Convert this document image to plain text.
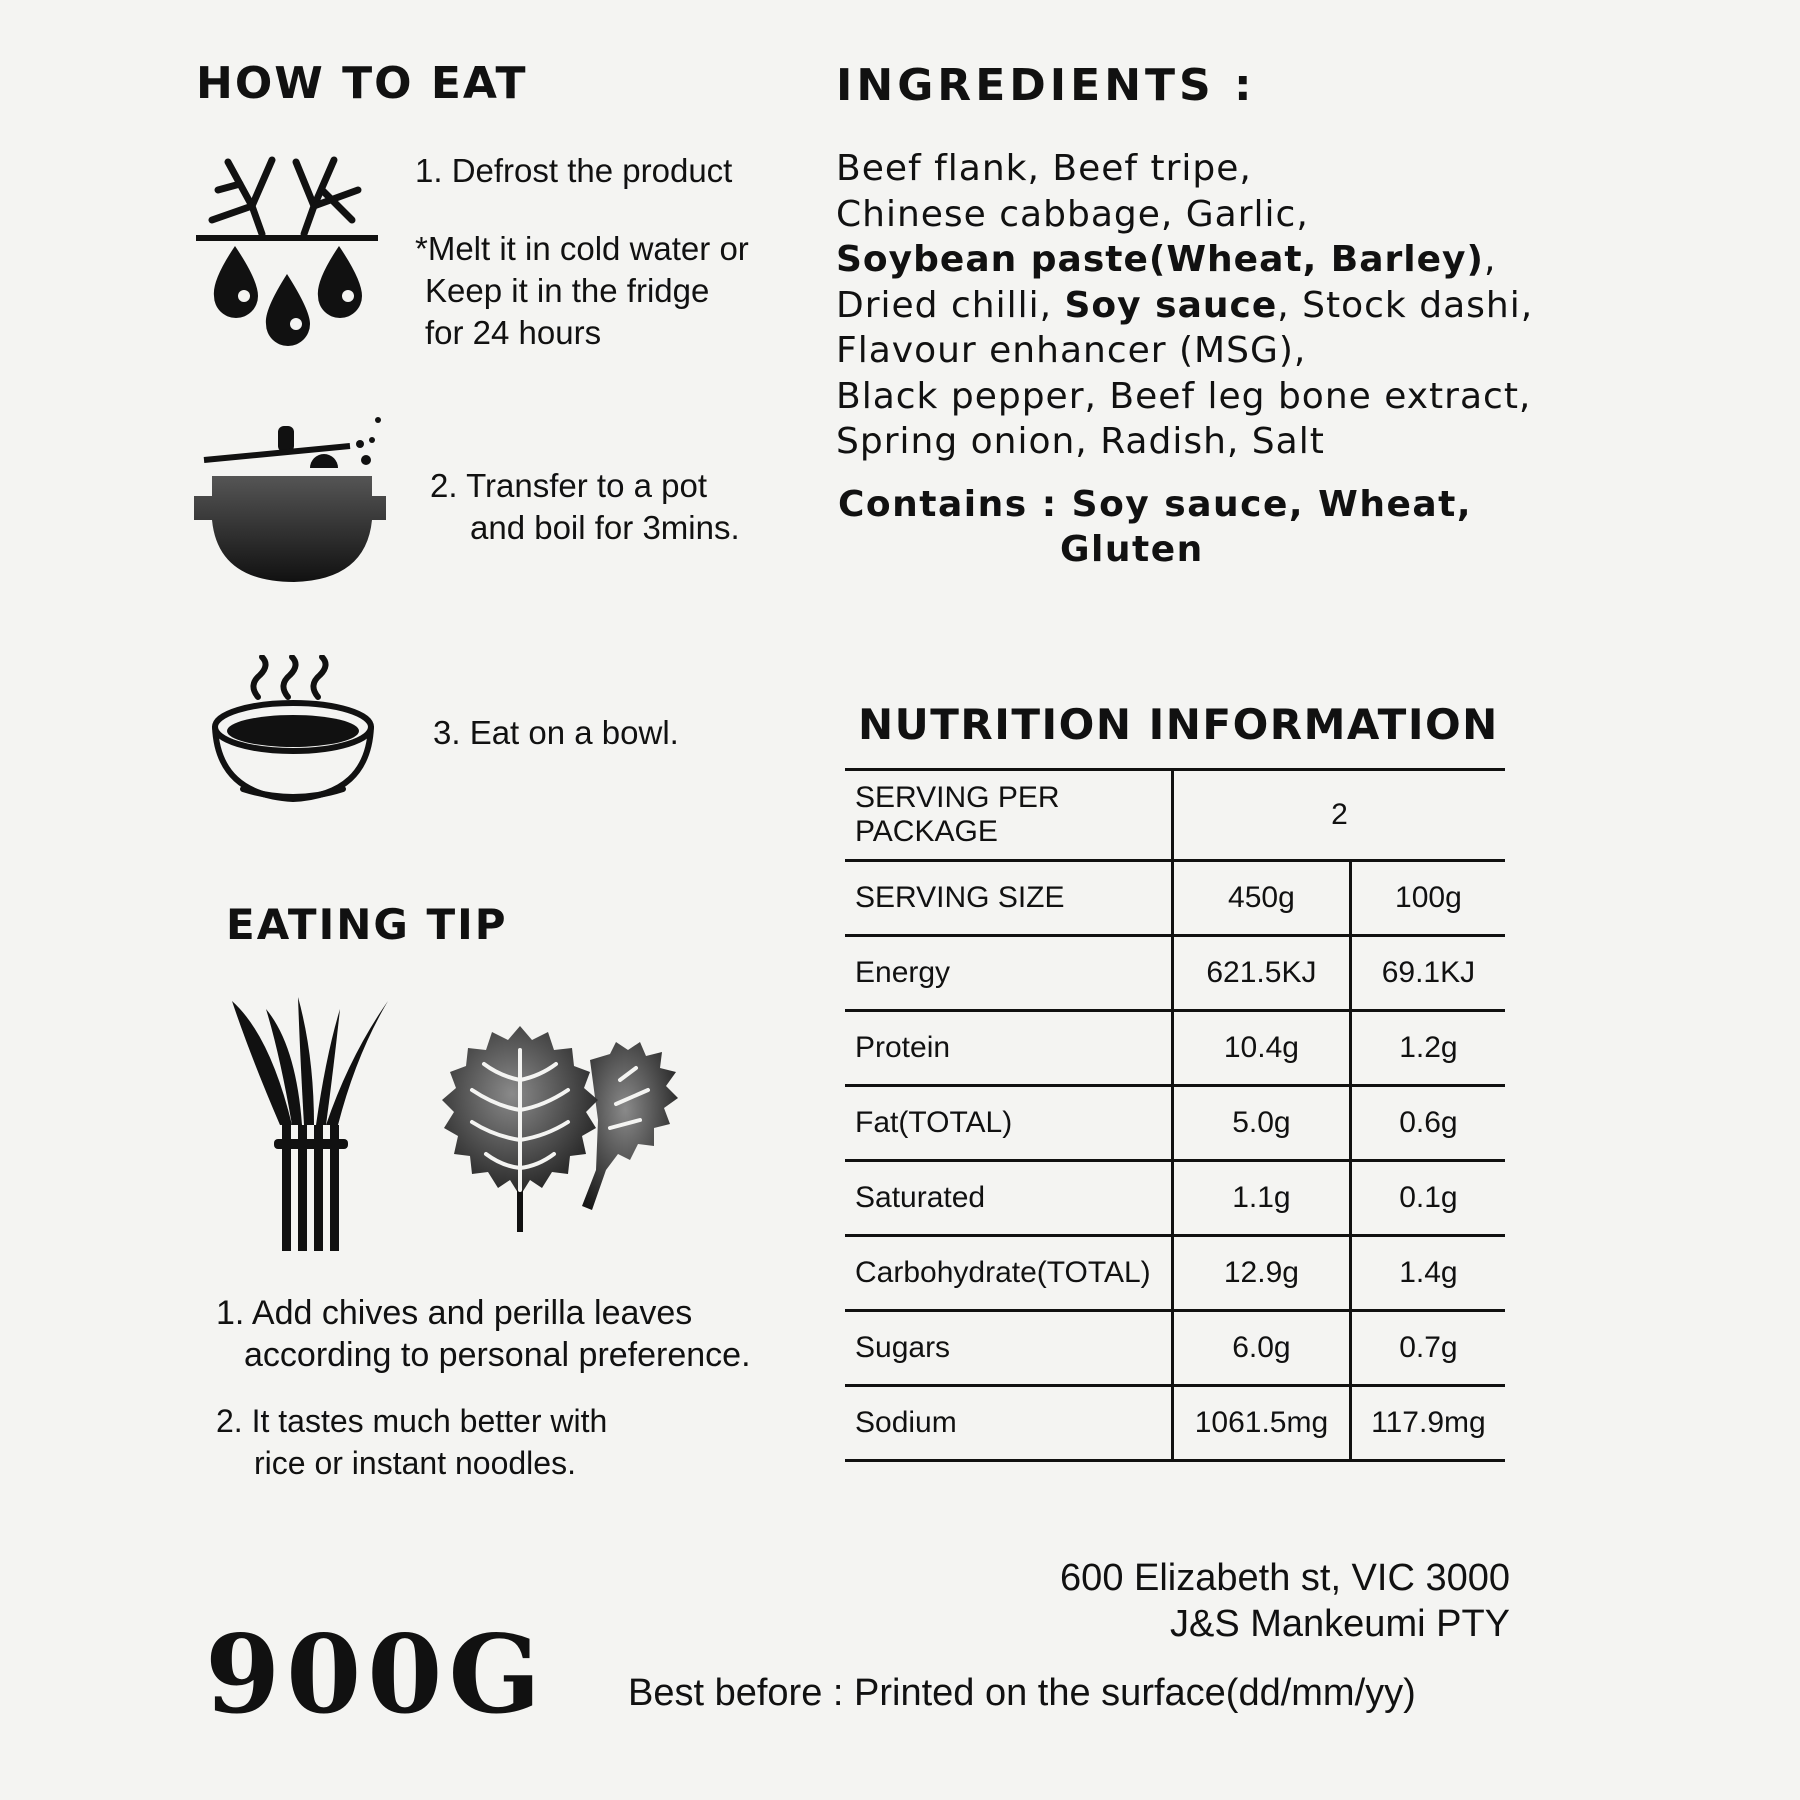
HOW TO EAT
1. Defrost the product
*Melt it in cold water or
Keep it in the fridge
for 24 hours
2. Transfer to a pot
and boil for 3mins.
3. Eat on a bowl.
INGREDIENTS :
Beef flank, Beef tripe,
Chinese cabbage, Garlic,
Soybean paste(Wheat, Barley),
Dried chilli, Soy sauce, Stock dashi,
Flavour enhancer (MSG),
Black pepper, Beef leg bone extract,
Spring onion, Radish, Salt
Contains : Soy sauce, Wheat,
Gluten
NUTRITION INFORMATION
SERVING PER
PACKAGE	2	
SERVING SIZE	450g	100g
Energy	621.5KJ	69.1KJ
Protein	10.4g	1.2g
Fat(TOTAL)	5.0g	0.6g
Saturated	1.1g	0.1g
Carbohydrate(TOTAL)	12.9g	1.4g
Sugars	6.0g	0.7g
Sodium	1061.5mg	117.9mg
EATING TIP
1. Add chives and perilla leaves
according to personal preference.
2. It tastes much better with
rice or instant noodles.
900G
600 Elizabeth st, VIC 3000
J&S Mankeumi PTY
Best before : Printed on the surface(dd/mm/yy)
